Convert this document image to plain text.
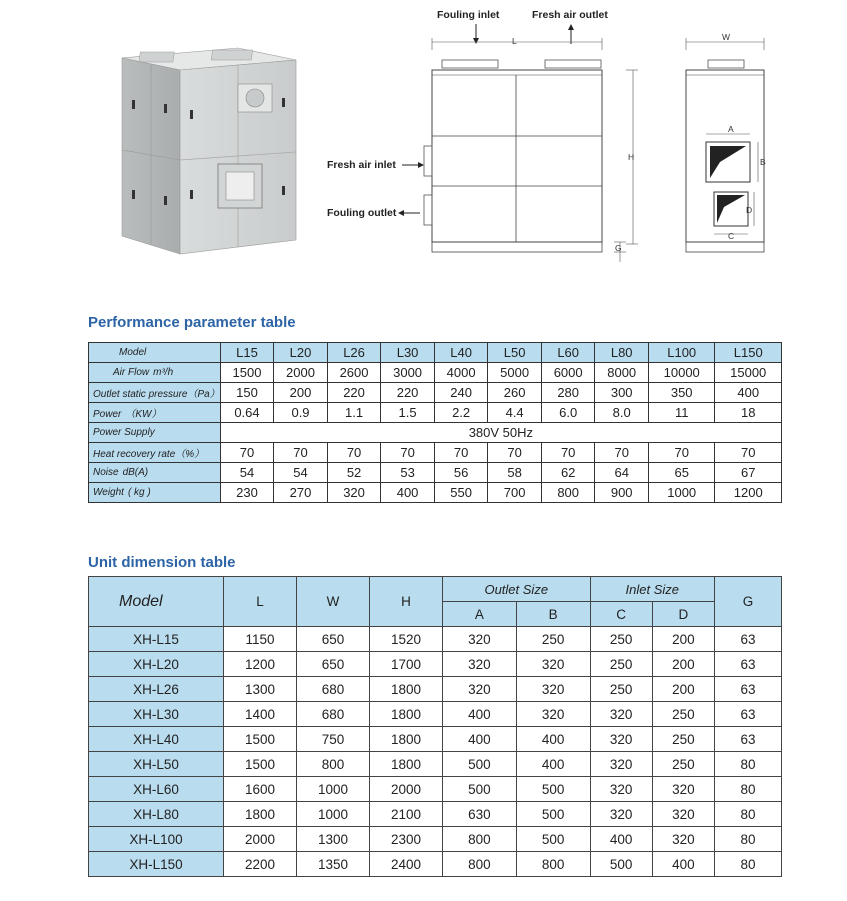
Fouling inlet	Fresh air outlet
L
Fresh air inlet
Fouling outlet
H
G
W
A
B
D
C
Performance parameter table
Model	L15	L20	L26	L30	L40	L50	L60	L80	L100	L150
Air Flow m³/h	1500	2000	2600	3000	4000	5000	6000	8000	10000	15000
Outlet static pressure（Pa）	150	200	220	220	240	260	280	300	350	400
Power （KW）	0.64	0.9	1.1	1.5	2.2	4.4	6.0	8.0	11	18
Power Supply	380V 50Hz									
Heat recovery rate（%）	70	70	70	70	70	70	70	70	70	70
Noise dB(A)	54	54	52	53	56	58	62	64	65	67
Weight ( kg )	230	270	320	400	550	700	800	900	1000	1200
Unit dimension table
Model	L	W	H	Outlet Size		Inlet Size		G
				A	B	C	D	
XH-L15	1150	650	1520	320	250	250	200	63
XH-L20	1200	650	1700	320	320	250	200	63
XH-L26	1300	680	1800	320	320	250	200	63
XH-L30	1400	680	1800	400	320	320	250	63
XH-L40	1500	750	1800	400	400	320	250	63
XH-L50	1500	800	1800	500	400	320	250	80
XH-L60	1600	1000	2000	500	500	320	320	80
XH-L80	1800	1000	2100	630	500	320	320	80
XH-L100	2000	1300	2300	800	500	400	320	80
XH-L150	2200	1350	2400	800	800	500	400	80
